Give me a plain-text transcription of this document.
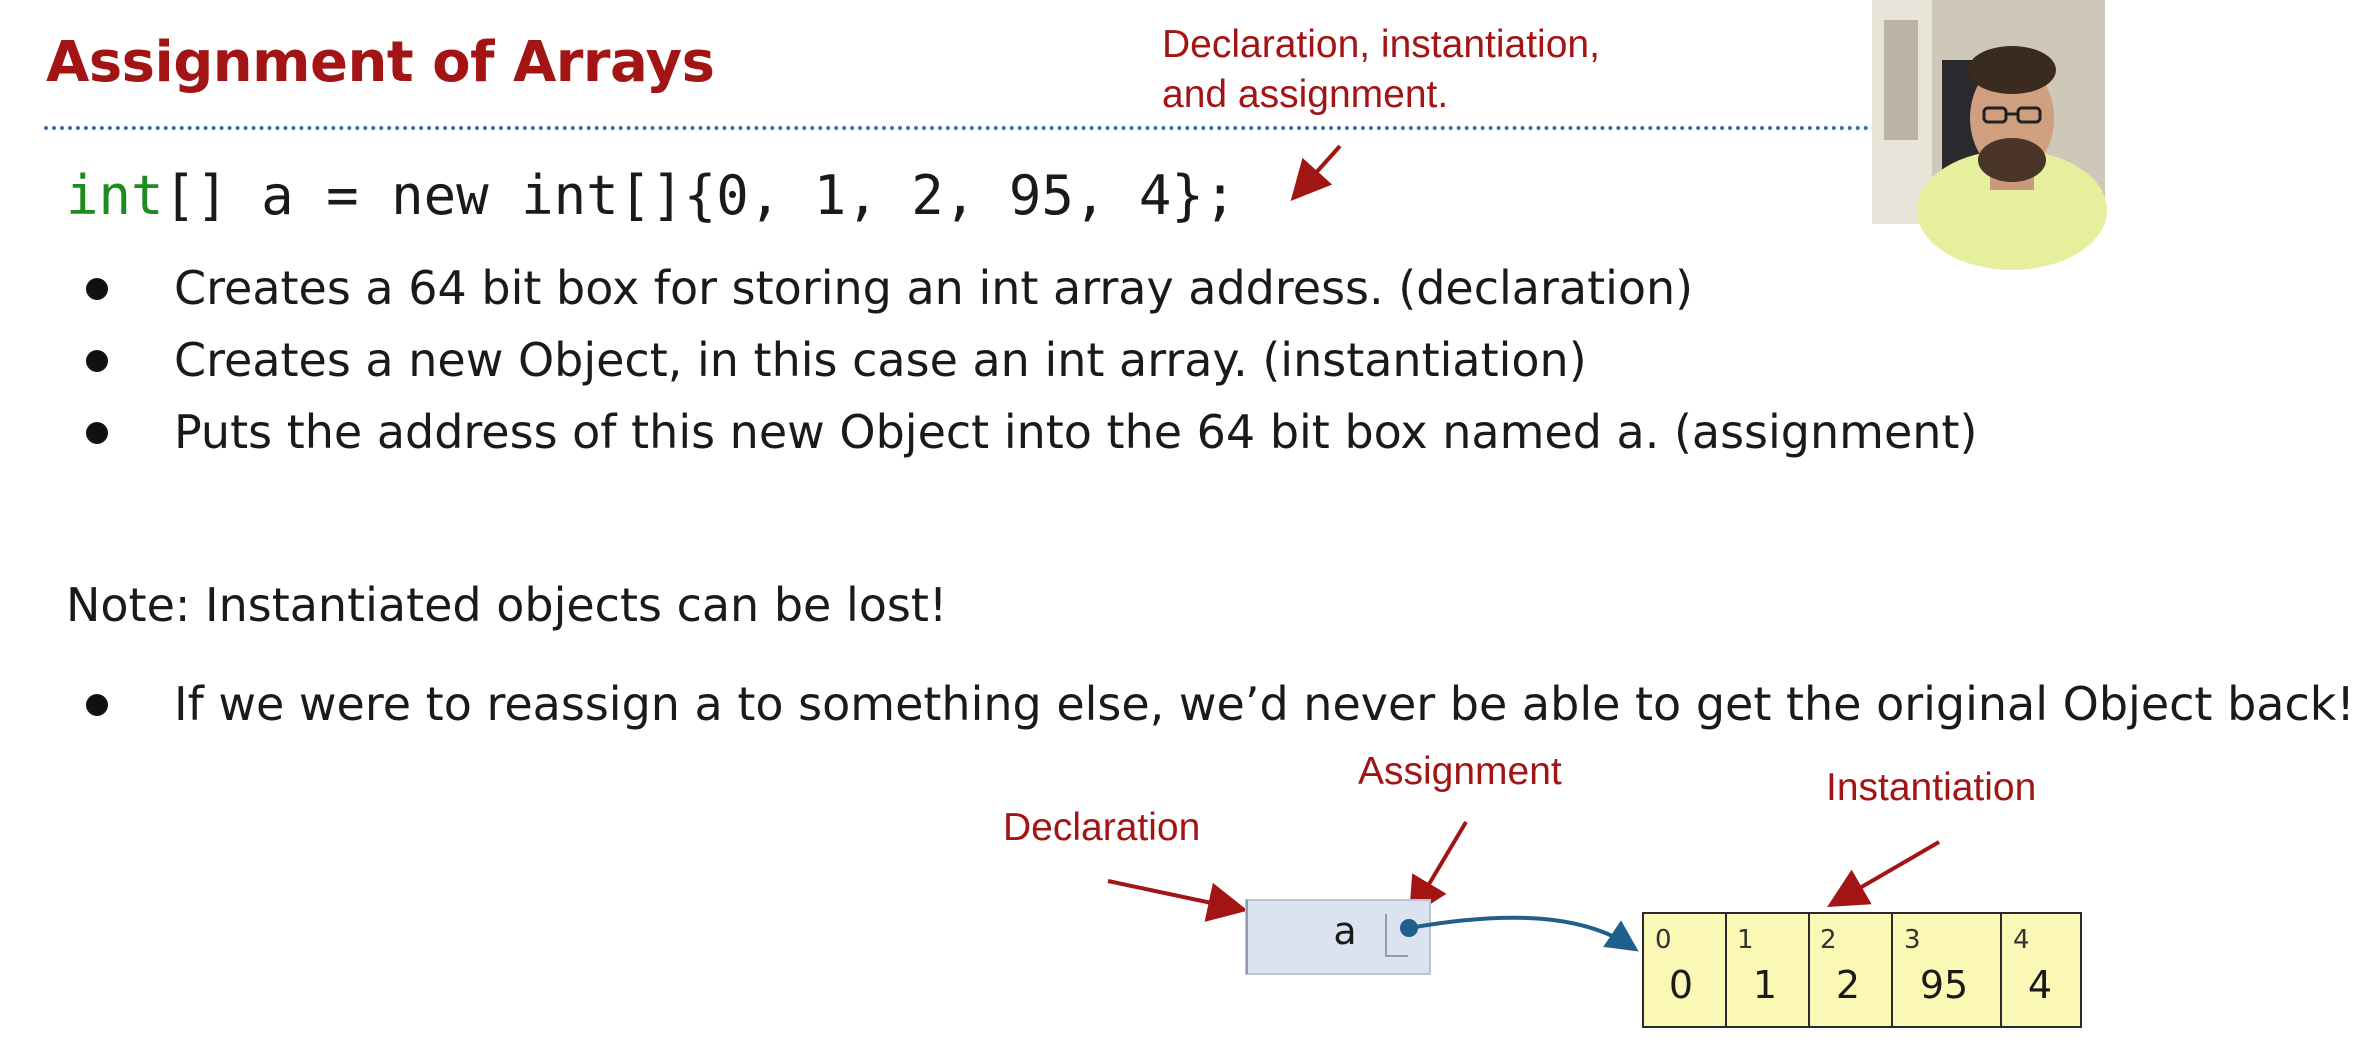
Assignment of Arrays	Declaration, instantiation,
and assignment.
int[] a = new int[]{0, 1, 2, 95, 4};
Creates a 64 bit box for storing an int array address. (declaration)
Creates a new Object, in this case an int array. (instantiation)
Puts the address of this new Object into the 64 bit box named a. (assignment)

Note: Instantiated objects can be lost!

If we were to reassign a to something else, we’d never be able to get the original Object back!
Declaration
Assignment	Instantiation
a	0
0
1
1
2
2
3
95
4
4
